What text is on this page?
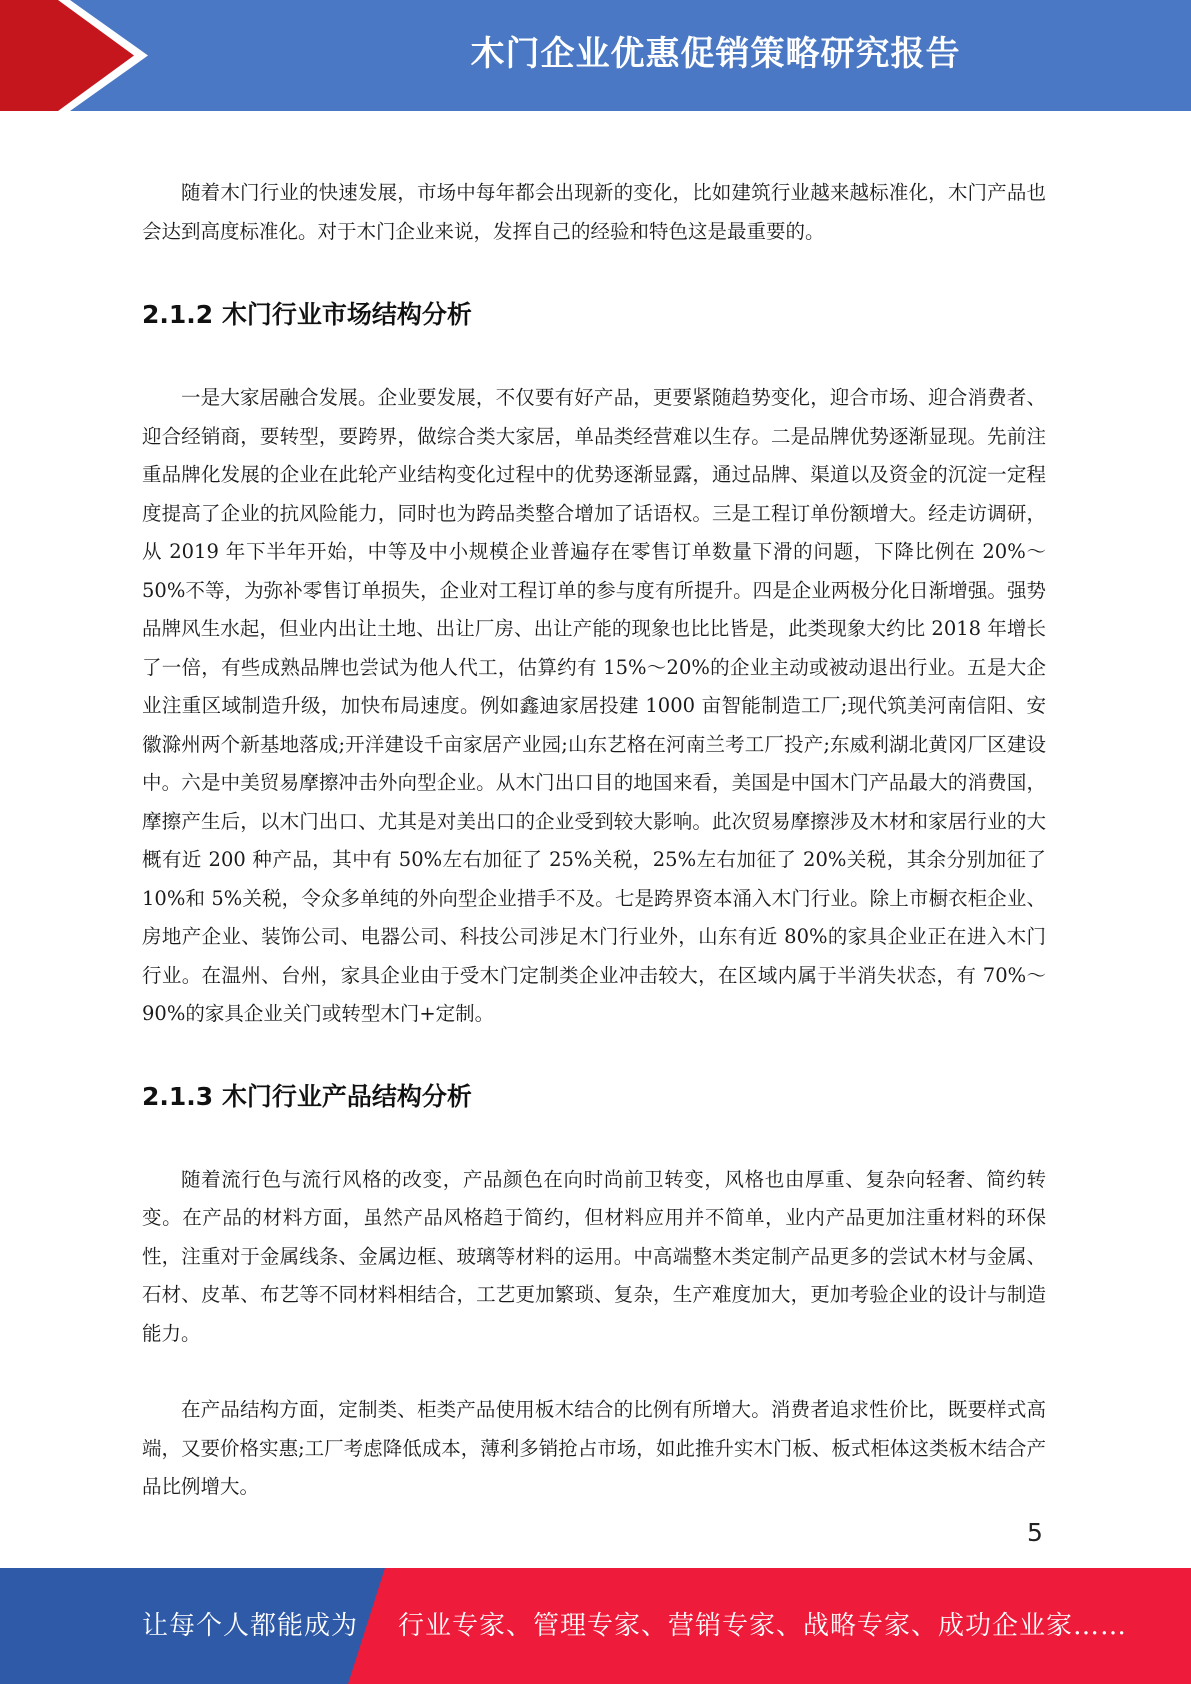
木门企业优惠促销策略研究报告

随着木门行业的快速发展，市场中每年都会出现新的变化，比如建筑行业越来越标准化，木门产品也会达到高度标准化。对于木门企业来说，发挥自己的经验和特色这是最重要的。

2.1.2 木门行业市场结构分析

一是大家居融合发展。企业要发展，不仅要有好产品，更要紧随趋势变化，迎合市场、迎合消费者、迎合经销商，要转型，要跨界，做综合类大家居，单品类经营难以生存。二是品牌优势逐渐显现。先前注重品牌化发展的企业在此轮产业结构变化过程中的优势逐渐显露，通过品牌、渠道以及资金的沉淀一定程度提高了企业的抗风险能力，同时也为跨品类整合增加了话语权。三是工程订单份额增大。经走访调研，从 2019 年下半年开始，中等及中小规模企业普遍存在零售订单数量下滑的问题，下降比例在 20%～50%不等，为弥补零售订单损失，企业对工程订单的参与度有所提升。四是企业两极分化日渐增强。强势品牌风生水起，但业内出让土地、出让厂房、出让产能的现象也比比皆是，此类现象大约比 2018 年增长了一倍，有些成熟品牌也尝试为他人代工，估算约有 15%～20%的企业主动或被动退出行业。五是大企业注重区域制造升级，加快布局速度。例如鑫迪家居投建 1000 亩智能制造工厂;现代筑美河南信阳、安徽滁州两个新基地落成;开洋建设千亩家居产业园;山东艺格在河南兰考工厂投产;东威利湖北黄冈厂区建设中。六是中美贸易摩擦冲击外向型企业。从木门出口目的地国来看，美国是中国木门产品最大的消费国，摩擦产生后，以木门出口、尤其是对美出口的企业受到较大影响。此次贸易摩擦涉及木材和家居行业的大概有近 200 种产品，其中有 50%左右加征了 25%关税，25%左右加征了 20%关税，其余分别加征了 10%和 5%关税，令众多单纯的外向型企业措手不及。七是跨界资本涌入木门行业。除上市橱衣柜企业、房地产企业、装饰公司、电器公司、科技公司涉足木门行业外，山东有近 80%的家具企业正在进入木门行业。在温州、台州，家具企业由于受木门定制类企业冲击较大，在区域内属于半消失状态，有 70%～90%的家具企业关门或转型木门+定制。

2.1.3 木门行业产品结构分析

随着流行色与流行风格的改变，产品颜色在向时尚前卫转变，风格也由厚重、复杂向轻奢、简约转变。在产品的材料方面，虽然产品风格趋于简约，但材料应用并不简单，业内产品更加注重材料的环保性，注重对于金属线条、金属边框、玻璃等材料的运用。中高端整木类定制产品更多的尝试木材与金属、石材、皮革、布艺等不同材料相结合，工艺更加繁琐、复杂，生产难度加大，更加考验企业的设计与制造能力。

在产品结构方面，定制类、柜类产品使用板木结合的比例有所增大。消费者追求性价比，既要样式高端，又要价格实惠;工厂考虑降低成本，薄利多销抢占市场，如此推升实木门板、板式柜体这类板木结合产品比例增大。

5
让每个人都能成为 行业专家、管理专家、营销专家、战略专家、成功企业家……
